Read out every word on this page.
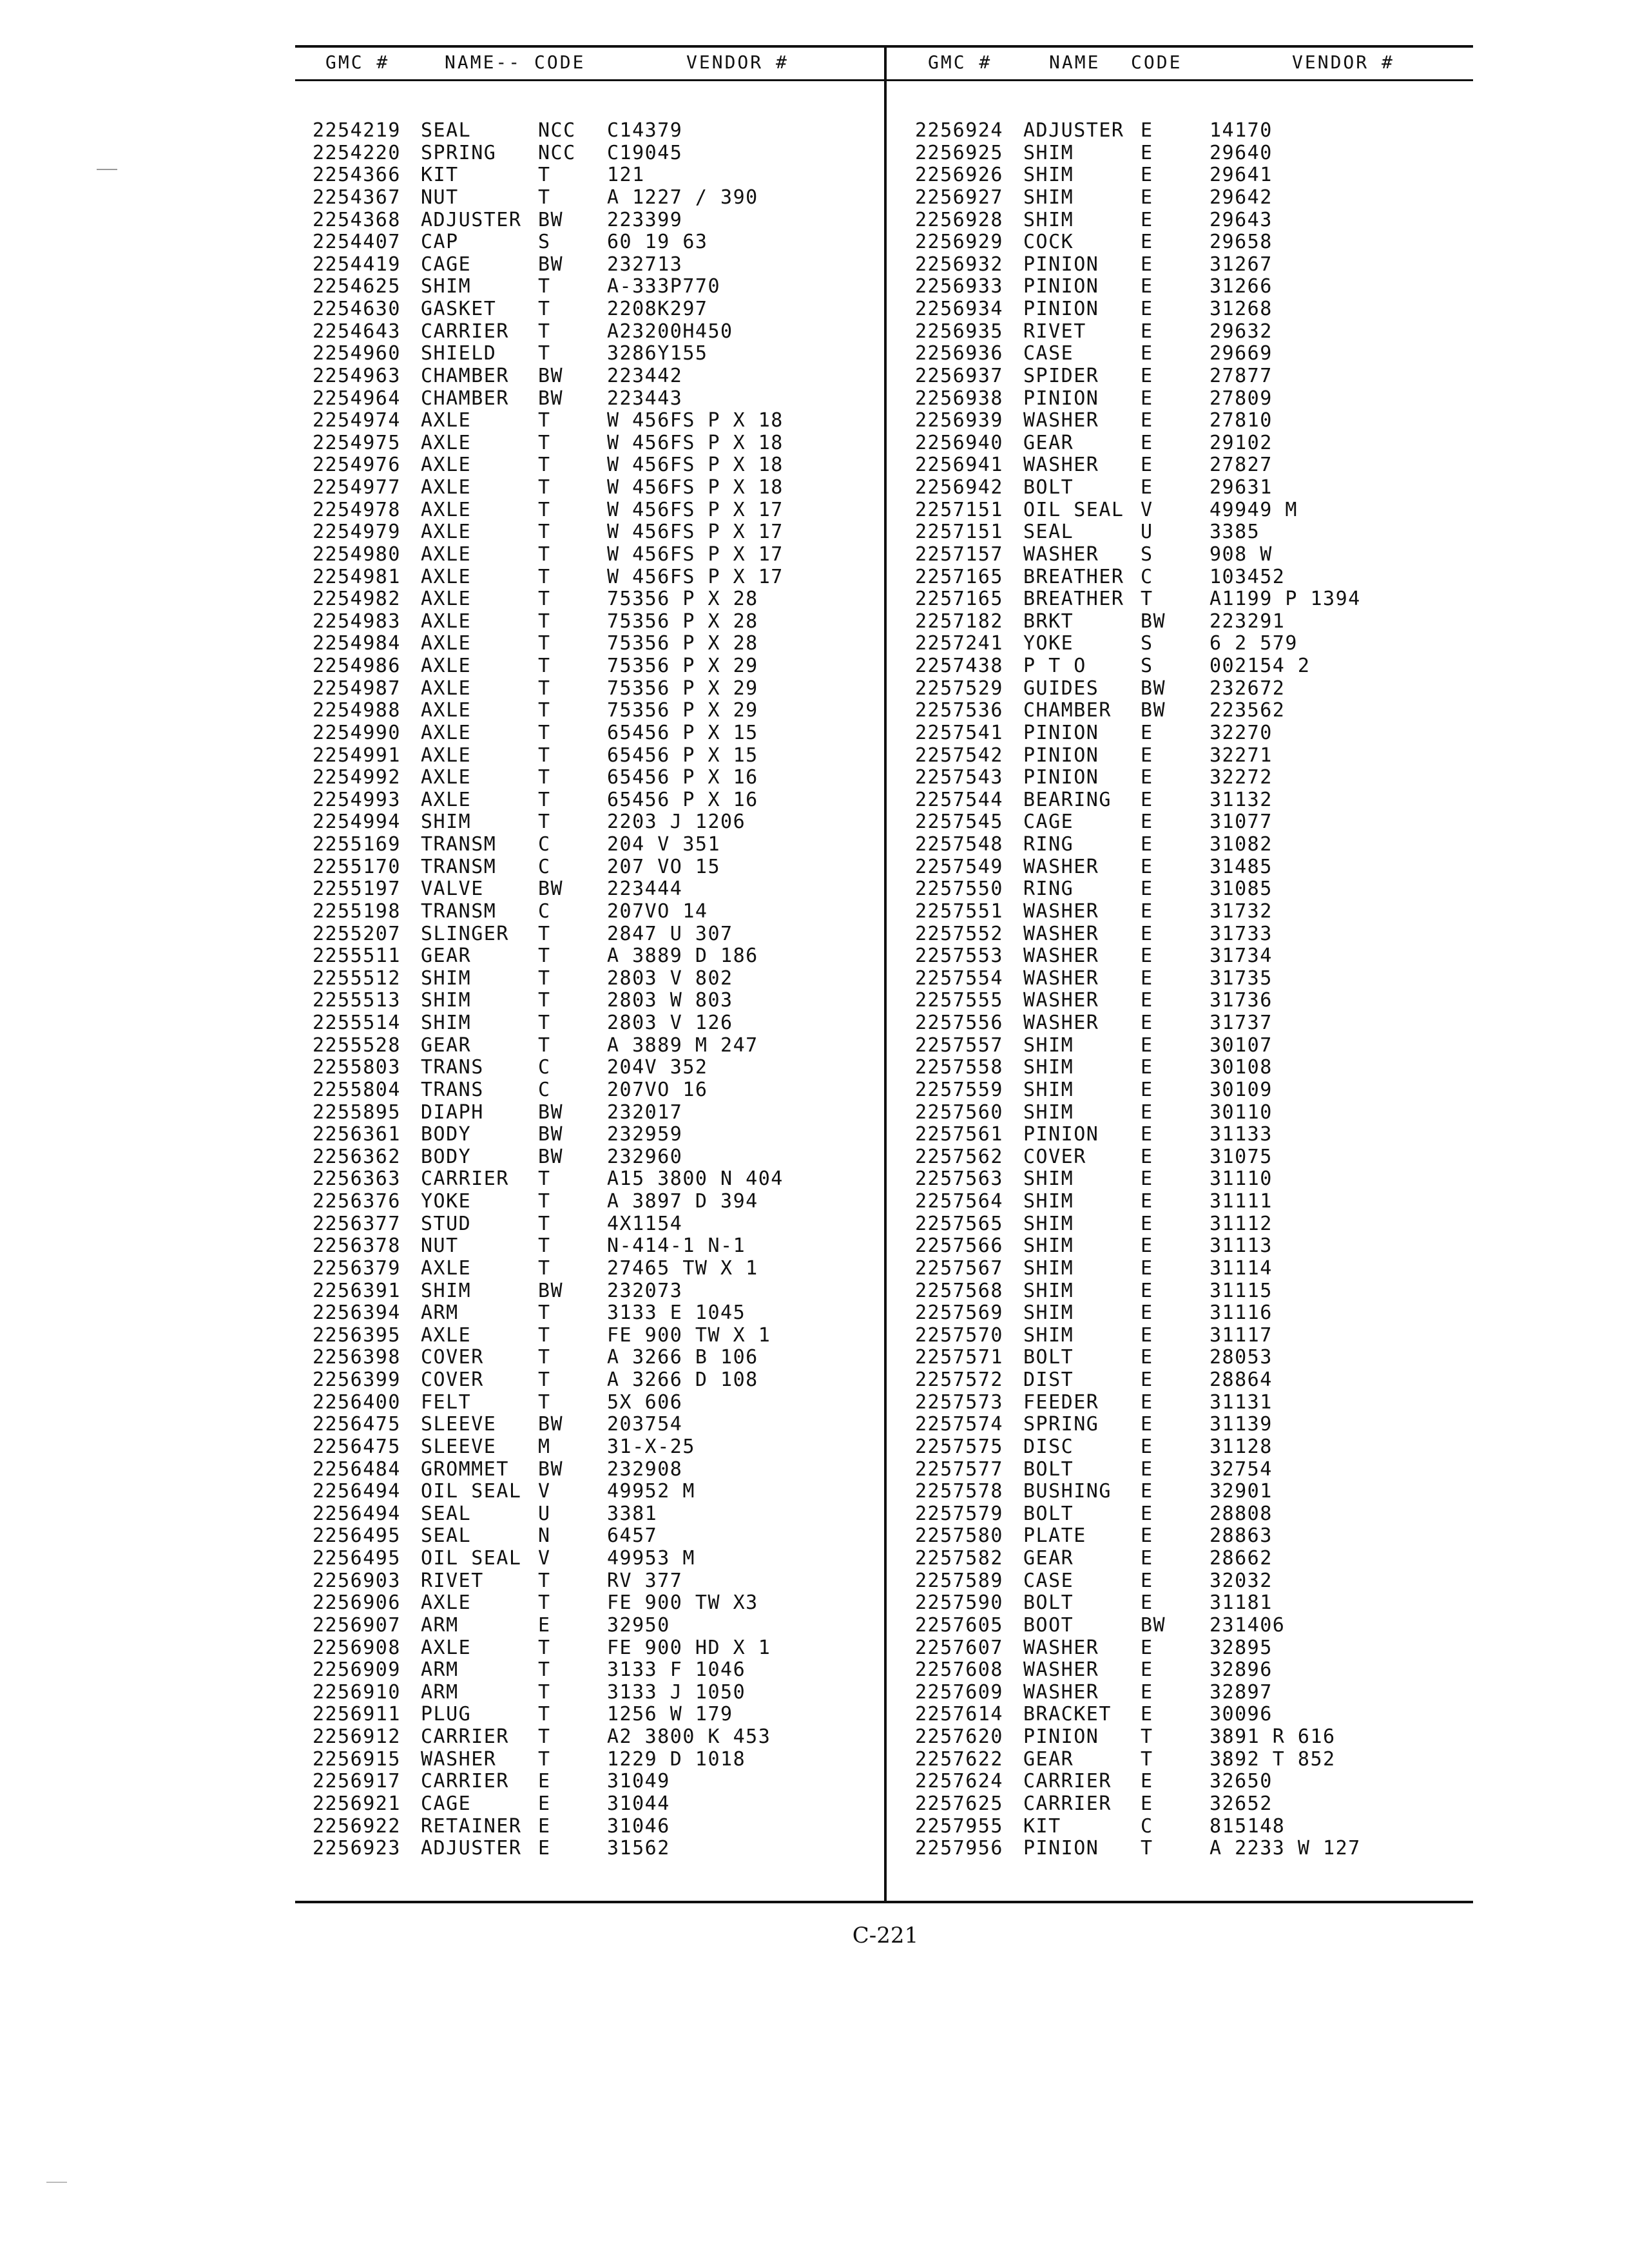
GMC #	NAME-- CODE	VENDOR #	GMC #	NAME CODE	VENDOR #
2254219 SEAL	NCC C14379
2254220 SPRING NCC C19045
2254366 KIT	T	121
2254367 NUT	T	A 1227 / 390
2254368 ADJUSTER BW 223399
2254407 CAP	S	60 19 63
2254419 CAGE	BW 232713
2254625 SHIM	T	A-333P770
2254630 GASKET T	2208K297
2254643 CARRIER T	A23200H450
2254960 SHIELD T	3286Y155
2254963 CHAMBER BW 223442
2254964 CHAMBER BW 223443
2254974 AXLE	T	W 456FS P X 18
2254975 AXLE	T	W 456FS P X 18
2254976 AXLE	T	W 456FS P X 18
2254977 AXLE	T	W 456FS P X 18
2254978 AXLE	T	W 456FS P X 17
2254979 AXLE	T	W 456FS P X 17
2254980 AXLE	T	W 456FS P X 17
2254981 AXLE	T	W 456FS P X 17
2254982 AXLE	T	75356 P X 28
2254983 AXLE	T	75356 P X 28
2254984 AXLE	T	75356 P X 28
2254986 AXLE	T	75356 P X 29
2254987 AXLE	T	75356 P X 29
2254988 AXLE	T	75356 P X 29
2254990 AXLE	T	65456 P X 15
2254991 AXLE	T	65456 P X 15
2254992 AXLE	T	65456 P X 16
2254993 AXLE	T	65456 P X 16
2254994 SHIM	T	2203 J 1206
2255169 TRANSM C	204 V 351
2255170 TRANSM C	207 VO 15
2255197 VALVE	BW 223444
2255198 TRANSM C	207VO 14
2255207 SLINGER T	2847 U 307
2255511 GEAR	T	A 3889 D 186
2255512 SHIM	T	2803 V 802
2255513 SHIM	T	2803 W 803
2255514 SHIM	T	2803 V 126
2255528 GEAR	T	A 3889 M 247
2255803 TRANS	C	204V 352
2255804 TRANS	C	207VO 16
2255895 DIAPH	BW 232017
2256361 BODY	BW 232959
2256362 BODY	BW 232960
2256363 CARRIER T	A15 3800 N 404
2256376 YOKE	T	A 3897 D 394
2256377 STUD	T	4X1154
2256378 NUT	T	N-414-1 N-1
2256379 AXLE	T	27465 TW X 1
2256391 SHIM	BW 232073
2256394 ARM	T	3133 E 1045
2256395 AXLE	T	FE 900 TW X 1
2256398 COVER	T	A 3266 B 106
2256399 COVER	T	A 3266 D 108
2256400 FELT	T	5X 606
2256475 SLEEVE BW 203754
2256475 SLEEVE M	31-X-25
2256484 GROMMET BW 232908
2256494 OIL SEAL V	49952 M
2256494 SEAL	U	3381
2256495 SEAL	N	6457
2256495 OIL SEAL V	49953 M
2256903 RIVET	T	RV 377
2256906 AXLE	T	FE 900 TW X3
2256907 ARM	E	32950
2256908 AXLE	T	FE 900 HD X 1
2256909 ARM	T	3133 F 1046
2256910 ARM	T	3133 J 1050
2256911 PLUG	T	1256 W 179
2256912 CARRIER T	A2 3800 K 453
2256915 WASHER T	1229 D 1018
2256917 CARRIER E	31049
2256921 CAGE	E	31044
2256922 RETAINER E	31046
2256923 ADJUSTER E	31562
2256924 ADJUSTER E	14170
2256925 SHIM	E	29640
2256926 SHIM	E	29641
2256927 SHIM	E	29642
2256928 SHIM	E	29643
2256929 COCK	E	29658
2256932 PINION E	31267
2256933 PINION E	31266
2256934 PINION E	31268
2256935 RIVET	E	29632
2256936 CASE	E	29669
2256937 SPIDER E	27877
2256938 PINION E	27809
2256939 WASHER E	27810
2256940 GEAR	E	29102
2256941 WASHER E	27827
2256942 BOLT	E	29631
2257151 OIL SEAL V	49949 M
2257151 SEAL	U	3385
2257157 WASHER S	908 W
2257165 BREATHER C	103452
2257165 BREATHER T	A1199 P 1394
2257182 BRKT	BW 223291
2257241 YOKE	S	6 2 579
2257438 P T O	S	002154 2
2257529 GUIDES BW 232672
2257536 CHAMBER BW 223562
2257541 PINION E	32270
2257542 PINION E	32271
2257543 PINION E	32272
2257544 BEARING E	31132
2257545 CAGE	E	31077
2257548 RING	E	31082
2257549 WASHER E	31485
2257550 RING	E	31085
2257551 WASHER E	31732
2257552 WASHER E	31733
2257553 WASHER E	31734
2257554 WASHER E	31735
2257555 WASHER E	31736
2257556 WASHER E	31737
2257557 SHIM	E	30107
2257558 SHIM	E	30108
2257559 SHIM	E	30109
2257560 SHIM	E	30110
2257561 PINION E	31133
2257562 COVER	E	31075
2257563 SHIM	E	31110
2257564 SHIM	E	31111
2257565 SHIM	E	31112
2257566 SHIM	E	31113
2257567 SHIM	E	31114
2257568 SHIM	E	31115
2257569 SHIM	E	31116
2257570 SHIM	E	31117
2257571 BOLT	E	28053
2257572 DIST	E	28864
2257573 FEEDER E	31131
2257574 SPRING E	31139
2257575 DISC	E	31128
2257577 BOLT	E	32754
2257578 BUSHING E	32901
2257579 BOLT	E	28808
2257580 PLATE	E	28863
2257582 GEAR	E	28662
2257589 CASE	E	32032
2257590 BOLT	E	31181
2257605 BOOT	BW 231406
2257607 WASHER E	32895
2257608 WASHER E	32896
2257609 WASHER E	32897
2257614 BRACKET E	30096
2257620 PINION T	3891 R 616
2257622 GEAR	T	3892 T 852
2257624 CARRIER E	32650
2257625 CARRIER E	32652
2257955 KIT	C	815148
2257956 PINION T	A 2233 W 127
C-221
